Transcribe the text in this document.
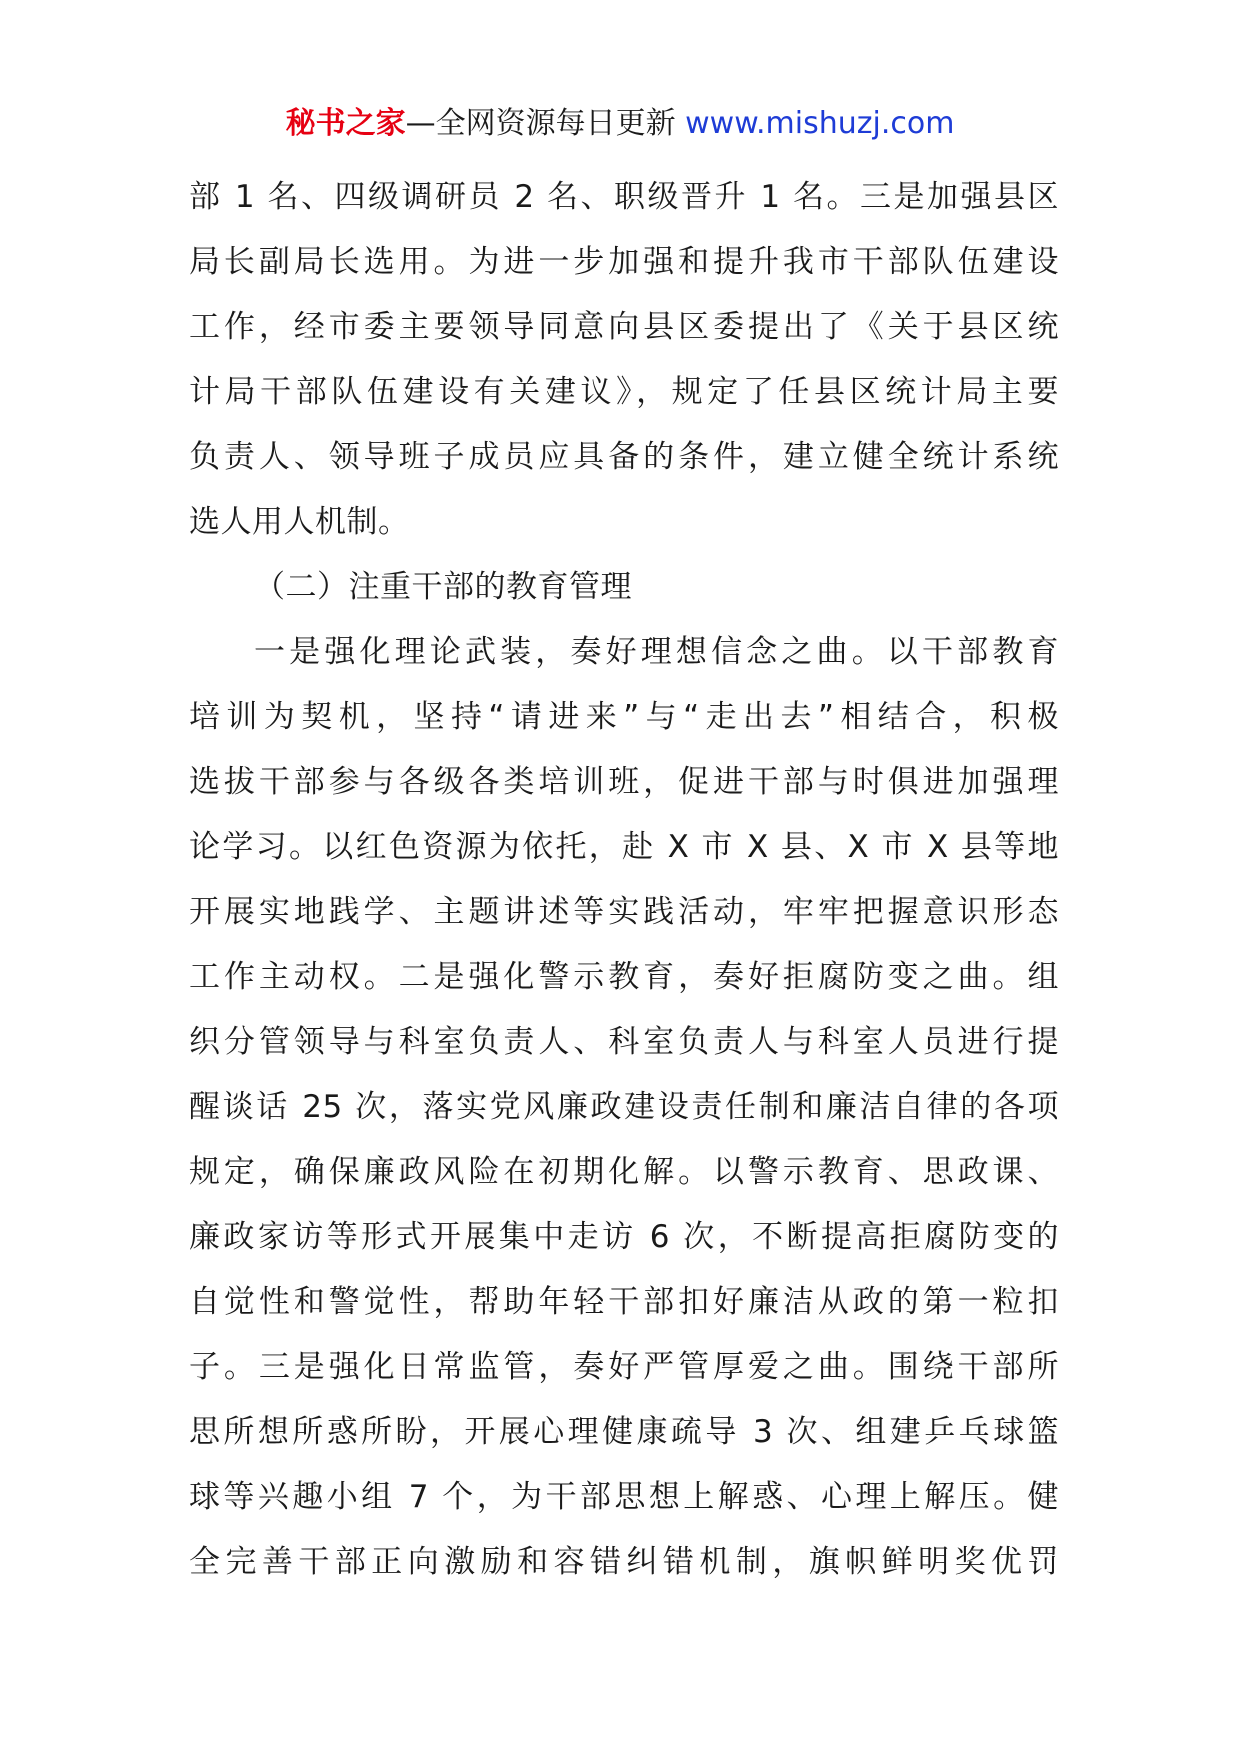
秘书之家—全网资源每日更新 www.mishuzj.com
部 1 名、四级调研员 2 名、职级晋升 1 名。三是加强县区
局长副局长选用。为进一步加强和提升我市干部队伍建设
工作，经市委主要领导同意向县区委提出了《关于县区统
计局干部队伍建设有关建议》，规定了任县区统计局主要
负责人、领导班子成员应具备的条件，建立健全统计系统
选人用人机制。
（二）注重干部的教育管理
一是强化理论武装，奏好理想信念之曲。以干部教育
培训为契机，坚持“请进来”与“走出去”相结合，积极
选拔干部参与各级各类培训班，促进干部与时俱进加强理
论学习。以红色资源为依托，赴 X 市 X 县、X 市 X 县等地
开展实地践学、主题讲述等实践活动，牢牢把握意识形态
工作主动权。二是强化警示教育，奏好拒腐防变之曲。组
织分管领导与科室负责人、科室负责人与科室人员进行提
醒谈话 25 次，落实党风廉政建设责任制和廉洁自律的各项
规定，确保廉政风险在初期化解。以警示教育、思政课、
廉政家访等形式开展集中走访 6 次，不断提高拒腐防变的
自觉性和警觉性，帮助年轻干部扣好廉洁从政的第一粒扣
子。三是强化日常监管，奏好严管厚爱之曲。围绕干部所
思所想所惑所盼，开展心理健康疏导 3 次、组建乒乓球篮
球等兴趣小组 7 个，为干部思想上解惑、心理上解压。健
全完善干部正向激励和容错纠错机制，旗帜鲜明奖优罚
